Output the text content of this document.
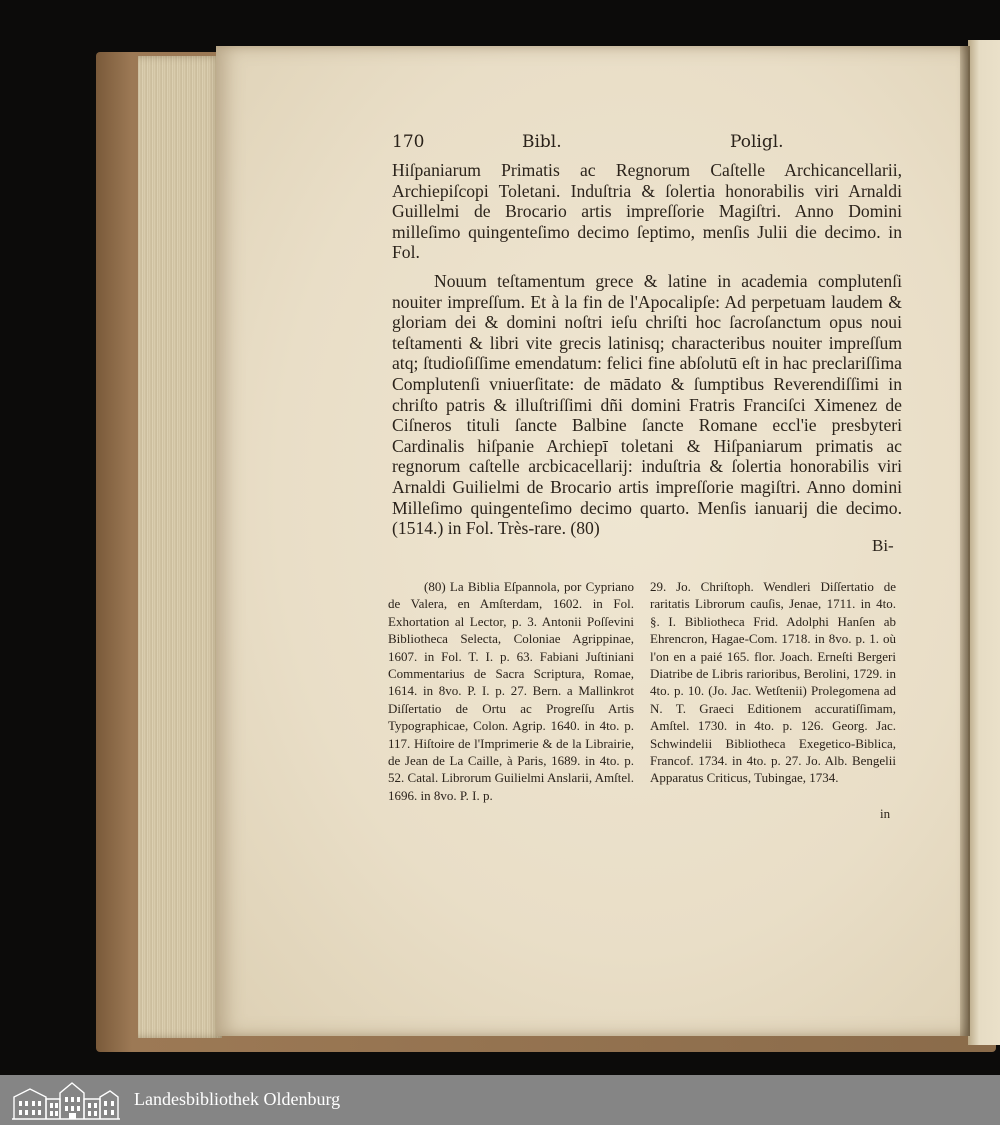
170	Bibl.	Poligl.

Hiſpaniarum Primatis ac Regnorum Caſtelle Archicancellarii, Archiepiſcopi Toletani. Induſtria & ſolertia honorabilis viri Arnaldi Guillelmi de Brocario artis impreſſorie Magiſtri. Anno Domini milleſimo quingenteſimo decimo ſeptimo, menſis Julii die decimo. in Fol.

Nouum teſtamentum grece & latine in academia complutenſi nouiter impreſſum. Et à la fin de l'Apocalipſe: Ad perpetuam laudem & gloriam dei & domini noſtri ieſu chriſti hoc ſacroſanctum opus noui teſtamenti & libri vite grecis latinisq; characteribus nouiter impreſſum atq; ſtudioſiſſime emendatum: felici fine abſolutū eſt in hac preclariſſima Complutenſi vniuerſitate: de mādato & ſumptibus Reverendiſſimi in chriſto patris & illuſtriſſimi dñi domini Fratris Franciſci Ximenez de Ciſneros tituli ſancte Balbine ſancte Romane eccl'ie presbyteri Cardinalis hiſpanie Archiepī toletani & Hiſpaniarum primatis ac regnorum caſtelle arcbicacellarij: induſtria & ſolertia honorabilis viri Arnaldi Guilielmi de Brocario artis impreſſorie magiſtri. Anno domini Milleſimo quingenteſimo decimo quarto. Menſis ianuarij die decimo. (1514.) in Fol. Très-rare. (80)

Bi-
(80) La Biblia Eſpannola, por Cypriano de Valera, en Amſterdam, 1602. in Fol. Exhortation al Lector, p. 3. Antonii Poſſevini Bibliotheca Selecta, Coloniae Agrippinae, 1607. in Fol. T. I. p. 63. Fabiani Juſtiniani Commentarius de Sacra Scriptura, Romae, 1614. in 8vo. P. I. p. 27. Bern. a Mallinkrot Diſſertatio de Ortu ac Progreſſu Artis Typographicae, Colon. Agrip. 1640. in 4to. p. 117. Hiſtoire de l'Imprimerie & de la Librairie, de Jean de La Caille, à Paris, 1689. in 4to. p. 52. Catal. Librorum Guilielmi Anslarii, Amſtel. 1696. in 8vo. P. I. p.
29. Jo. Chriſtoph. Wendleri Diſſertatio de raritatis Librorum cauſis, Jenae, 1711. in 4to. §. I. Bibliotheca Frid. Adolphi Hanſen ab Ehrencron, Hagae-Com. 1718. in 8vo. p. 1. où l'on en a paié 165. flor. Joach. Erneſti Bergeri Diatribe de Libris rarioribus, Berolini, 1729. in 4to. p. 10. (Jo. Jac. Wetſtenii) Prolegomena ad N. T. Graeci Editionem accuratiſſimam, Amſtel. 1730. in 4to. p. 126. Georg. Jac. Schwindelii Bibliotheca Exegetico-Biblica, Francof. 1734. in 4to. p. 27. Jo. Alb. Bengelii Apparatus Criticus, Tubingae, 1734.
in
Landesbibliothek Oldenburg
